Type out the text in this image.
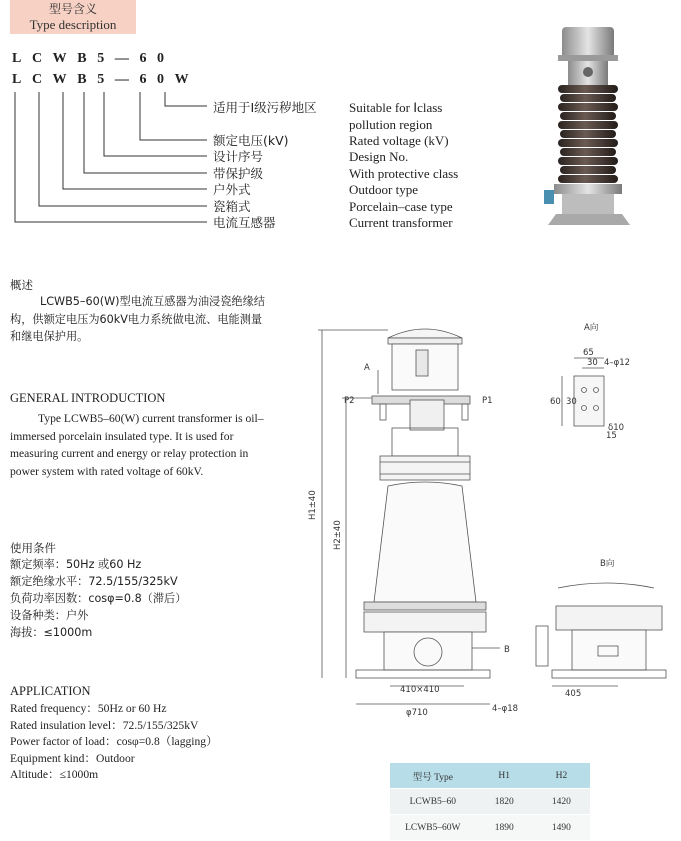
型号含义
Type description
LCWB5—60
LCWB5—60W
适用于Ⅰ级污秽地区 Suitable for Ⅰclass
pollution region
额定电压(kV)	Rated voltage (kV)
设计序号	Design No.
带保护级	With protective class
户外式	Outdoor type
瓷箱式	Porcelain–case type
电流互感器	Current transformer
概述
LCWB5–60(W)型电流互感器为油浸瓷绝缘结
构，供额定电压为60kV电力系统做电流、电能测量
和继电保护用。
GENERAL INTRODUCTION
Type LCWB5–60(W) current transformer is oil–
immersed porcelain insulated type. It is used for
measuring current and energy or relay protection in
power system with rated voltage of 60kV.
使用条件
额定频率：50Hz 或60 Hz
额定绝缘水平：72.5/155/325kV
负荷功率因数：cosφ=0.8（滞后）
设备种类：户外
海拔：≤1000m
APPLICATION
Rated frequency：50Hz or 60 Hz
Rated insulation level：72.5/155/325kV
Power factor of load：cosφ=0.8（lagging）
Equipment kind：Outdoor
Altitude：≤1000m
A
P2	P1
B
410×410
φ710	4–φ18
405
A向
B向
65
30 4–φ12
60 30
δ10
15
H1±40
H2±40
型号 Type	H1	H2
LCWB5–60	1820	1420
LCWB5–60W	1890	1490
